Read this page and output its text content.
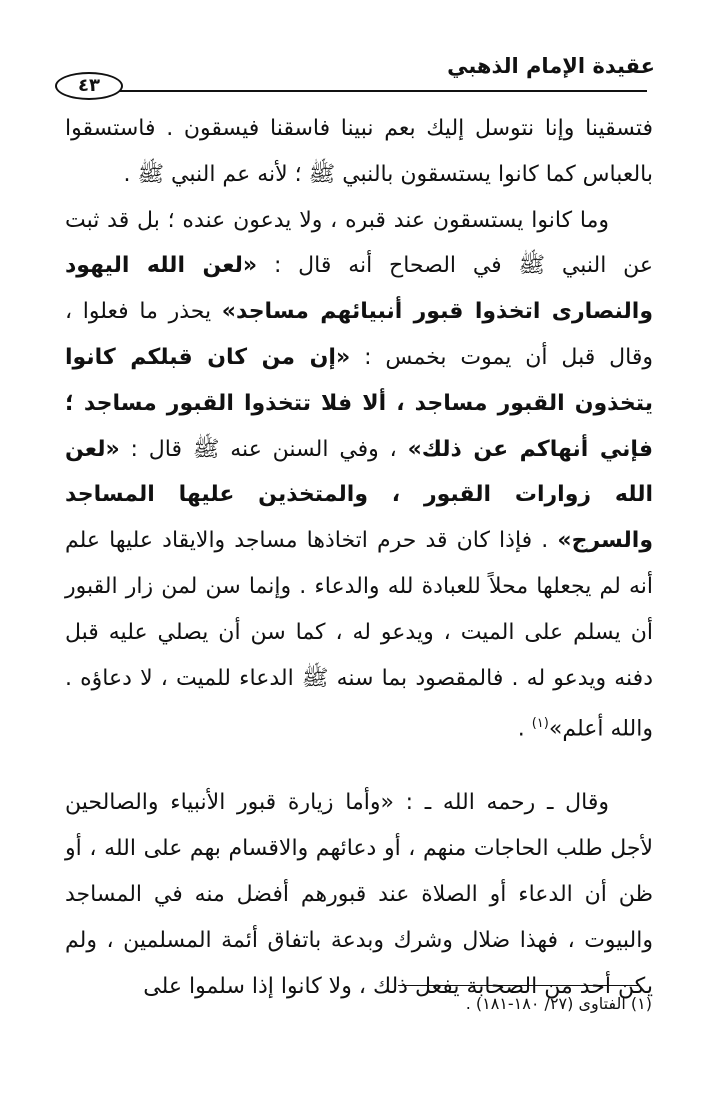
عقيدة الإمام الذهبي
٤٣

فتسقينا وإنا نتوسل إليك بعم نبينا فاسقنا فيسقون . فاستسقوا بالعباس كما كانوا يستسقون بالنبي ﷺ ؛ لأنه عم النبي ﷺ .

  وما كانوا يستسقون عند قبره ، ولا يدعون عنده ؛ بل قد ثبت عن النبي ﷺ في الصحاح أنه قال : «لعن الله اليهود والنصارى اتخذوا قبور أنبيائهم مساجد» يحذر ما فعلوا ، وقال قبل أن يموت بخمس : «إن من كان قبلكم كانوا يتخذون القبور مساجد ، ألا فلا تتخذوا القبور مساجد ؛ فإني أنهاكم عن ذلك» ، وفي السنن عنه ﷺ قال : «لعن الله زوارات القبور ، والمتخذين عليها المساجد والسرج» . فإذا كان قد حرم اتخاذها مساجد والايقاد عليها علم أنه لم يجعلها محلاً للعبادة لله والدعاء . وإنما سن لمن زار القبور أن يسلم على الميت ، ويدعو له ، كما سن أن يصلي عليه قبل دفنه ويدعو له . فالمقصود بما سنه ﷺ الدعاء للميت ، لا دعاؤه . والله أعلم»$^{(١)}$ .

  وقال ـ رحمه الله ـ : «وأما زيارة قبور الأنبياء والصالحين لأجل طلب الحاجات منهم ، أو دعائهم والاقسام بهم على الله ، أو ظن أن الدعاء أو الصلاة عند قبورهم أفضل منه في المساجد والبيوت ، فهذا ضلال وشرك وبدعة باتفاق أئمة المسلمين ، ولم يكن أحد من الصحابة يفعل ذلك ، ولا كانوا إذا سلموا على

(١) الفتاوى (٢٧/ ١٨٠-١٨١) .
